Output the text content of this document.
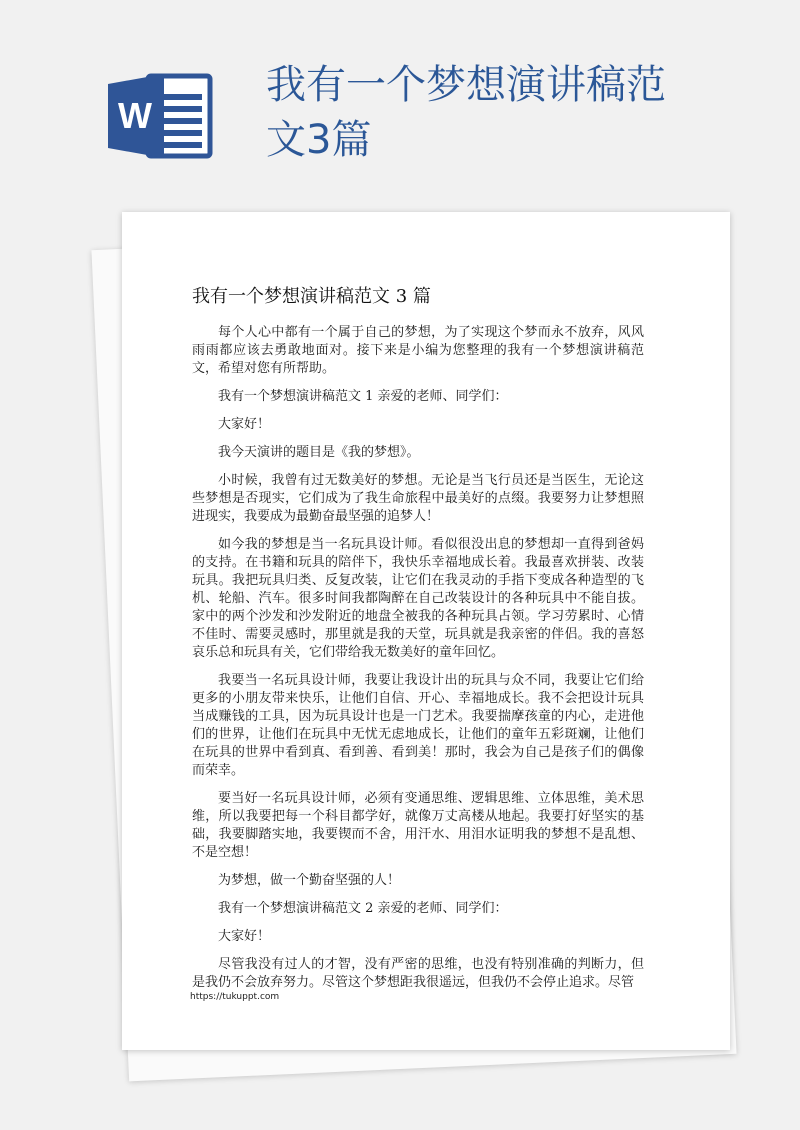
W
我有一个梦想演讲稿范
文3篇
我有一个梦想演讲稿范文 3 篇

每个人心中都有一个属于自己的梦想，为了实现这个梦而永不放弃，风风雨雨都应该去勇敢地面对。接下来是小编为您整理的我有一个梦想演讲稿范文，希望对您有所帮助。

我有一个梦想演讲稿范文 1 亲爱的老师、同学们：

大家好！

我今天演讲的题目是《我的梦想》。

小时候，我曾有过无数美好的梦想。无论是当飞行员还是当医生，无论这些梦想是否现实，它们成为了我生命旅程中最美好的点缀。我要努力让梦想照进现实，我要成为最勤奋最坚强的追梦人！

如今我的梦想是当一名玩具设计师。看似很没出息的梦想却一直得到爸妈的支持。在书籍和玩具的陪伴下，我快乐幸福地成长着。我最喜欢拼装、改装玩具。我把玩具归类、反复改装，让它们在我灵动的手指下变成各种造型的飞机、轮船、汽车。很多时间我都陶醉在自己改装设计的各种玩具中不能自拔。家中的两个沙发和沙发附近的地盘全被我的各种玩具占领。学习劳累时、心情不佳时、需要灵感时，那里就是我的天堂，玩具就是我亲密的伴侣。我的喜怒哀乐总和玩具有关，它们带给我无数美好的童年回忆。

我要当一名玩具设计师，我要让我设计出的玩具与众不同，我要让它们给更多的小朋友带来快乐，让他们自信、开心、幸福地成长。我不会把设计玩具当成赚钱的工具，因为玩具设计也是一门艺术。我要揣摩孩童的内心，走进他们的世界，让他们在玩具中无忧无虑地成长，让他们的童年五彩斑斓，让他们在玩具的世界中看到真、看到善、看到美！那时，我会为自己是孩子们的偶像而荣幸。

要当好一名玩具设计师，必须有变通思维、逻辑思维、立体思维，美术思维，所以我要把每一个科目都学好，就像万丈高楼从地起。我要打好坚实的基础，我要脚踏实地，我要锲而不舍，用汗水、用泪水证明我的梦想不是乱想、不是空想！

为梦想，做一个勤奋坚强的人！

我有一个梦想演讲稿范文 2 亲爱的老师、同学们：

大家好！

尽管我没有过人的才智，没有严密的思维，也没有特别准确的判断力，但是我仍不会放弃努力。尽管这个梦想距我很遥远，但我仍不会停止追求。尽管

https://tukuppt.com
